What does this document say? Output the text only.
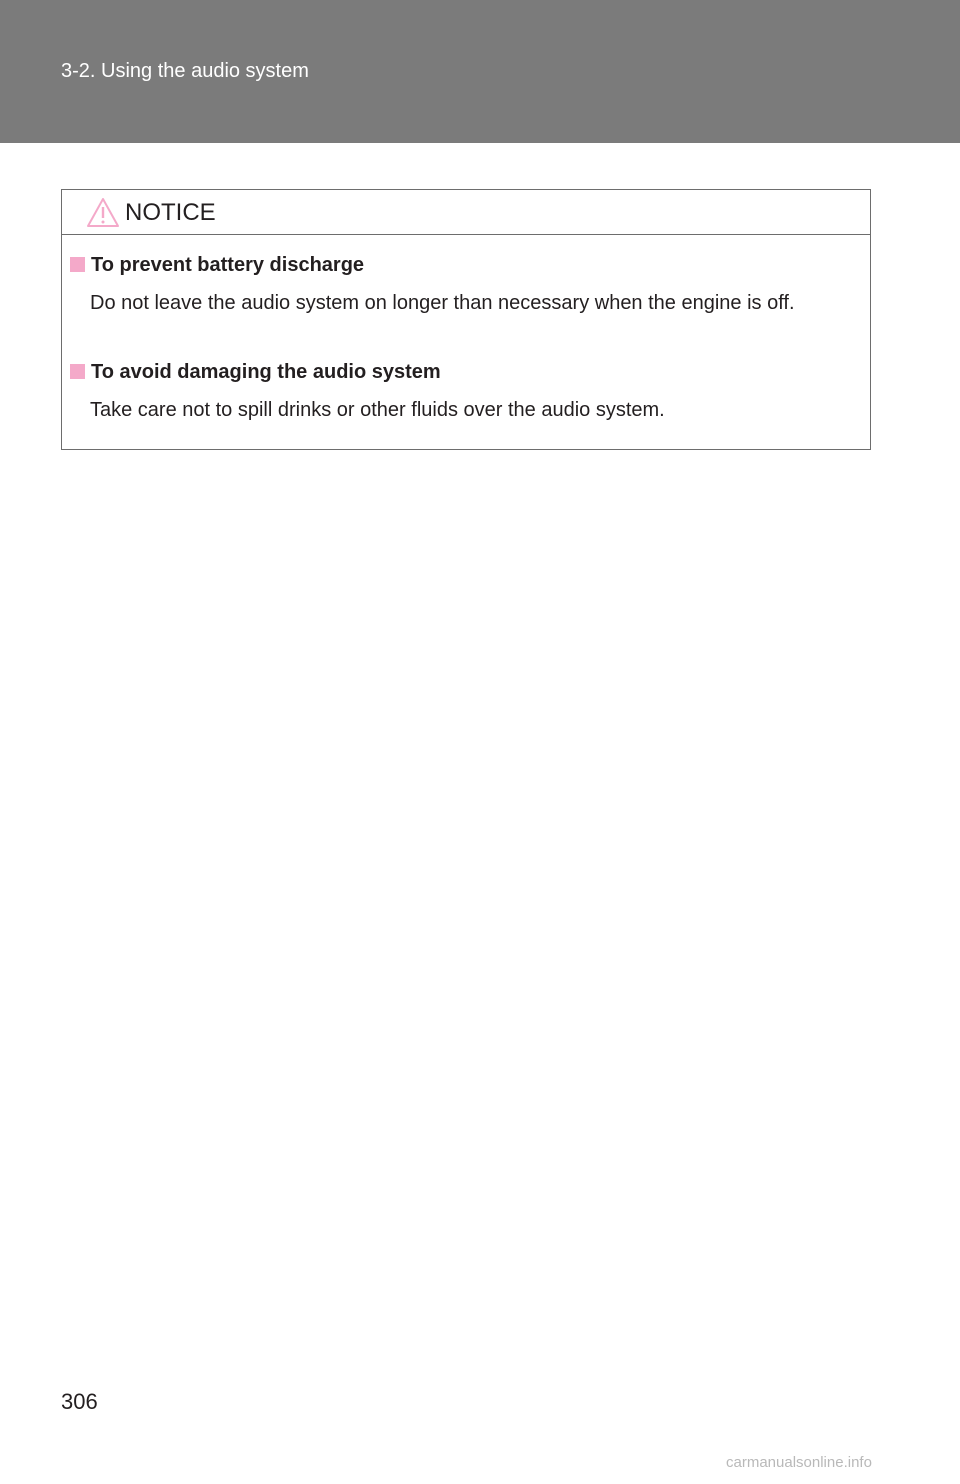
3-2. Using the audio system
NOTICE
To prevent battery discharge
Do not leave the audio system on longer than necessary when the engine is off.
To avoid damaging the audio system
Take care not to spill drinks or other fluids over the audio system.
306
carmanualsonline.info
